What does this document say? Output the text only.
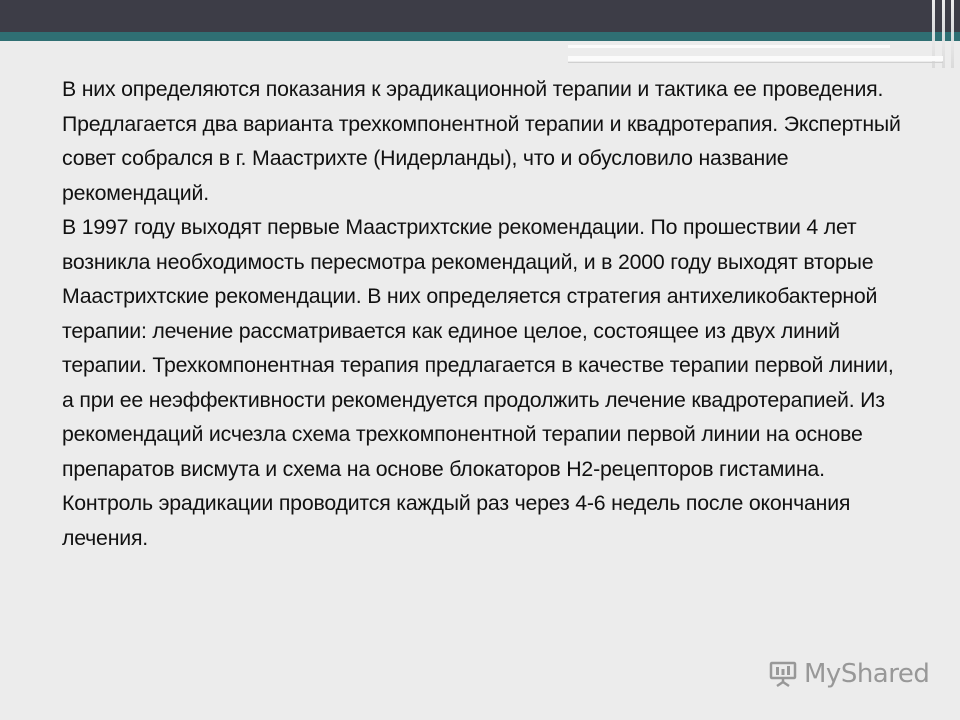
В них определяются показания к эрадикационной терапии и тактика ее проведения. Предлагается два варианта трехкомпонентной терапии и квадротерапия. Экспертный совет собрался в г. Маастрихте (Нидерланды), что и обусловило название рекомендаций.

В 1997 году выходят первые Маастрихтские рекомендации. По прошествии 4 лет возникла необходимость пересмотра рекомендаций, и в 2000 году выходят вторые Маастрихтские рекомендации. В них определяется стратегия антихеликобактерной терапии: лечение рассматривается как единое целое, состоящее из двух линий терапии. Трехкомпонентная терапия предлагается в качестве терапии первой линии, а при ее неэффективности рекомендуется продолжить лечение квадротерапией. Из рекомендаций исчезла схема трехкомпонентной терапии первой линии на основе препаратов висмута и схема на основе блокаторов Н2-рецепторов гистамина. Контроль эрадикации проводится каждый раз через 4-6 недель после окончания лечения.

MyShared
